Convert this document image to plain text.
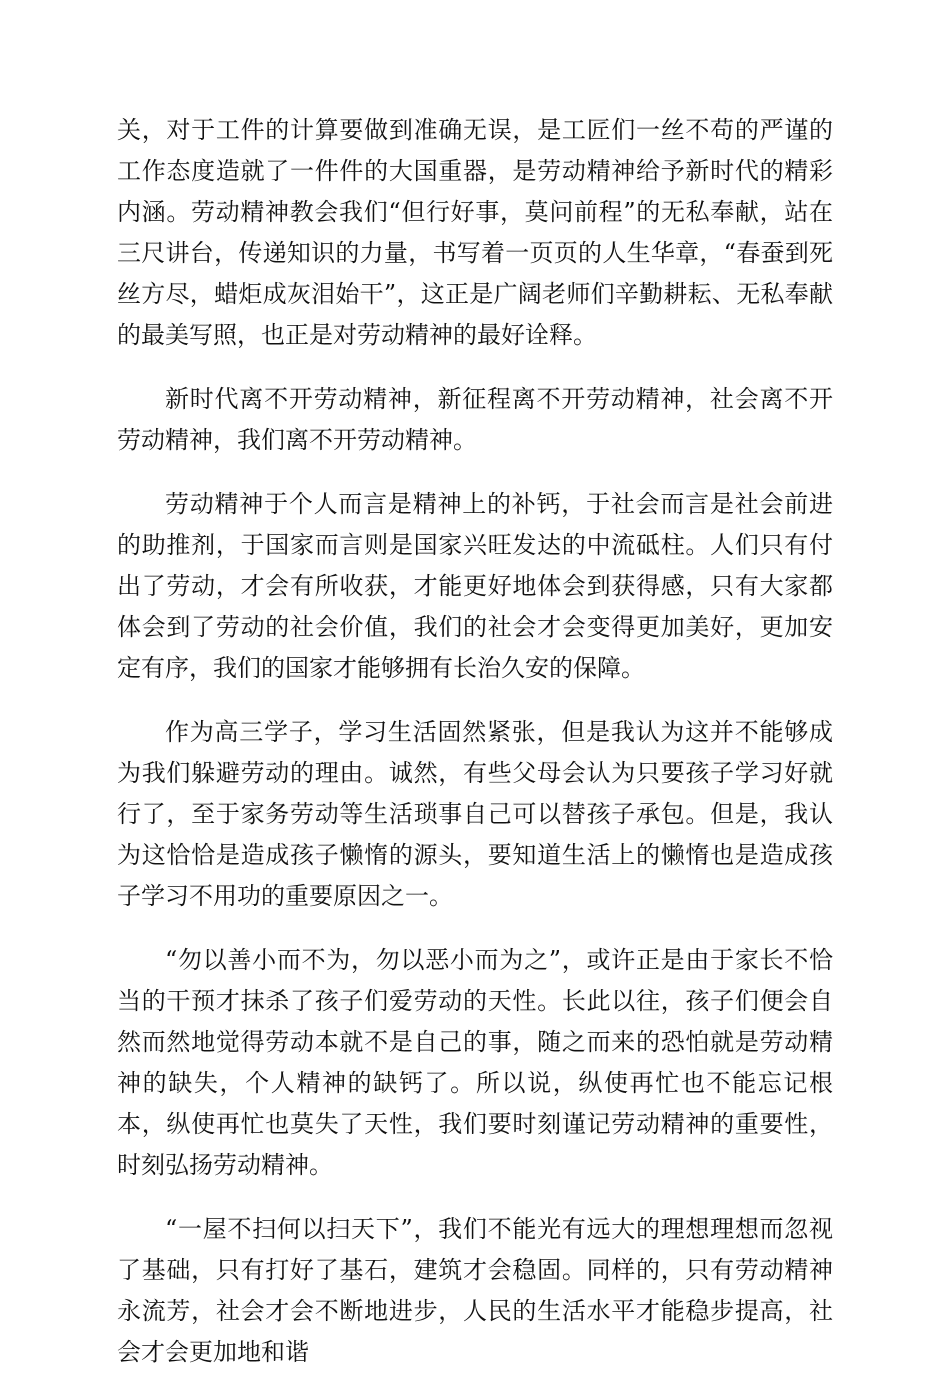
关，对于工件的计算要做到准确无误，是工匠们一丝不苟的严谨的工作态度造就了一件件的大国重器，是劳动精神给予新时代的精彩内涵。劳动精神教会我们“但行好事，莫问前程”的无私奉献，站在三尺讲台，传递知识的力量，书写着一页页的人生华章，“春蚕到死丝方尽，蜡炬成灰泪始干”，这正是广阔老师们辛勤耕耘、无私奉献的最美写照，也正是对劳动精神的最好诠释。

新时代离不开劳动精神，新征程离不开劳动精神，社会离不开劳动精神，我们离不开劳动精神。

劳动精神于个人而言是精神上的补钙，于社会而言是社会前进的助推剂，于国家而言则是国家兴旺发达的中流砥柱。人们只有付出了劳动，才会有所收获，才能更好地体会到获得感，只有大家都体会到了劳动的社会价值，我们的社会才会变得更加美好，更加安定有序，我们的国家才能够拥有长治久安的保障。

作为高三学子，学习生活固然紧张，但是我认为这并不能够成为我们躲避劳动的理由。诚然，有些父母会认为只要孩子学习好就行了，至于家务劳动等生活琐事自己可以替孩子承包。但是，我认为这恰恰是造成孩子懒惰的源头，要知道生活上的懒惰也是造成孩子学习不用功的重要原因之一。

“勿以善小而不为，勿以恶小而为之”，或许正是由于家长不恰当的干预才抹杀了孩子们爱劳动的天性。长此以往，孩子们便会自然而然地觉得劳动本就不是自己的事，随之而来的恐怕就是劳动精神的缺失，个人精神的缺钙了。所以说，纵使再忙也不能忘记根本，纵使再忙也莫失了天性，我们要时刻谨记劳动精神的重要性，时刻弘扬劳动精神。

“一屋不扫何以扫天下”，我们不能光有远大的理想理想而忽视了基础，只有打好了基石，建筑才会稳固。同样的，只有劳动精神永流芳，社会才会不断地进步，人民的生活水平才能稳步提高，社会才会更加地和谐
